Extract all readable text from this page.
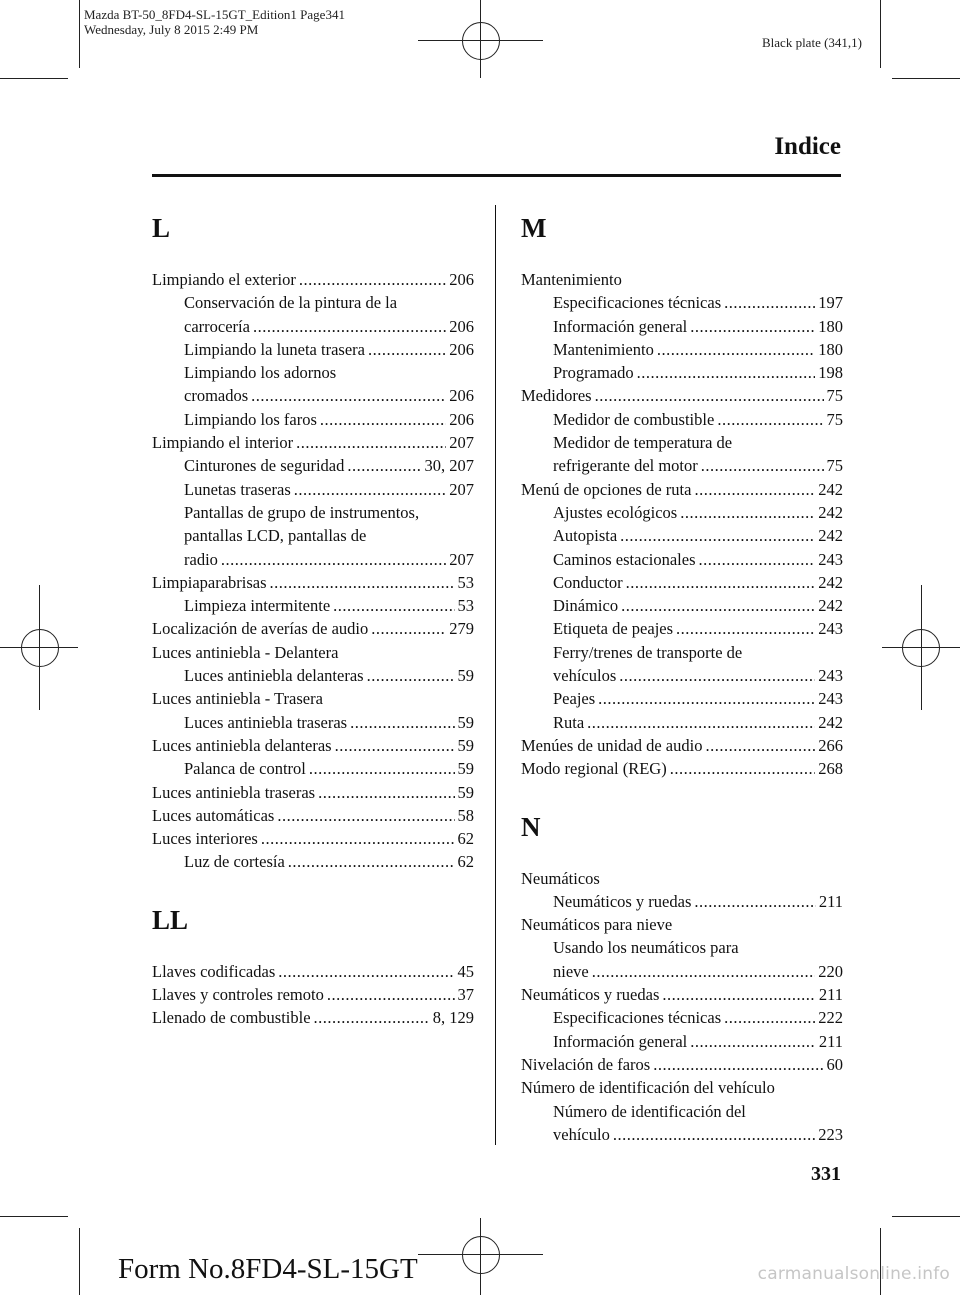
Mazda BT-50_8FD4-SL-15GT_Edition1 Page341
Wednesday, July 8 2015 2:49 PM
Black plate (341,1)
Indice
L
Limpiando el exterior .....	206
Conservación de la pintura de la
carrocería .....	206
Limpiando la luneta trasera .....	206
Limpiando los adornos
cromados .....	206
Limpiando los faros .....	206
Limpiando el interior .....	207
Cinturones de seguridad .....	30, 207
Lunetas traseras .....	207
Pantallas de grupo de instrumentos,
pantallas LCD, pantallas de
radio .....	207
Limpiaparabrisas .....	53
Limpieza intermitente .....	53
Localización de averías de audio .....	279
Luces antiniebla - Delantera
Luces antiniebla delanteras .....	59
Luces antiniebla - Trasera
Luces antiniebla traseras .....	59
Luces antiniebla delanteras .....	59
Palanca de control .....	59
Luces antiniebla traseras .....	59
Luces automáticas .....	58
Luces interiores .....	62
Luz de cortesía .....	62
LL
Llaves codificadas .....	45
Llaves y controles remoto .....	37
Llenado de combustible .....	8, 129
M
Mantenimiento
Especificaciones técnicas .....	197
Información general .....	180
Mantenimiento .....	180
Programado .....	198
Medidores .....	75
Medidor de combustible .....	75
Medidor de temperatura de
refrigerante del motor .....	75
Menú de opciones de ruta .....	242
Ajustes ecológicos .....	242
Autopista .....	242
Caminos estacionales .....	243
Conductor .....	242
Dinámico .....	242
Etiqueta de peajes .....	243
Ferry/trenes de transporte de
vehículos .....	243
Peajes .....	243
Ruta .....	242
Menúes de unidad de audio .....	266
Modo regional (REG) .....	268
N
Neumáticos
Neumáticos y ruedas .....	211
Neumáticos para nieve
Usando los neumáticos para
nieve .....	220
Neumáticos y ruedas .....	211
Especificaciones técnicas .....	222
Información general .....	211
Nivelación de faros .....	60
Número de identificación del vehículo
Número de identificación del
vehículo .....	223
331
Form No.8FD4-SL-15GT	carmanualsonline.info
